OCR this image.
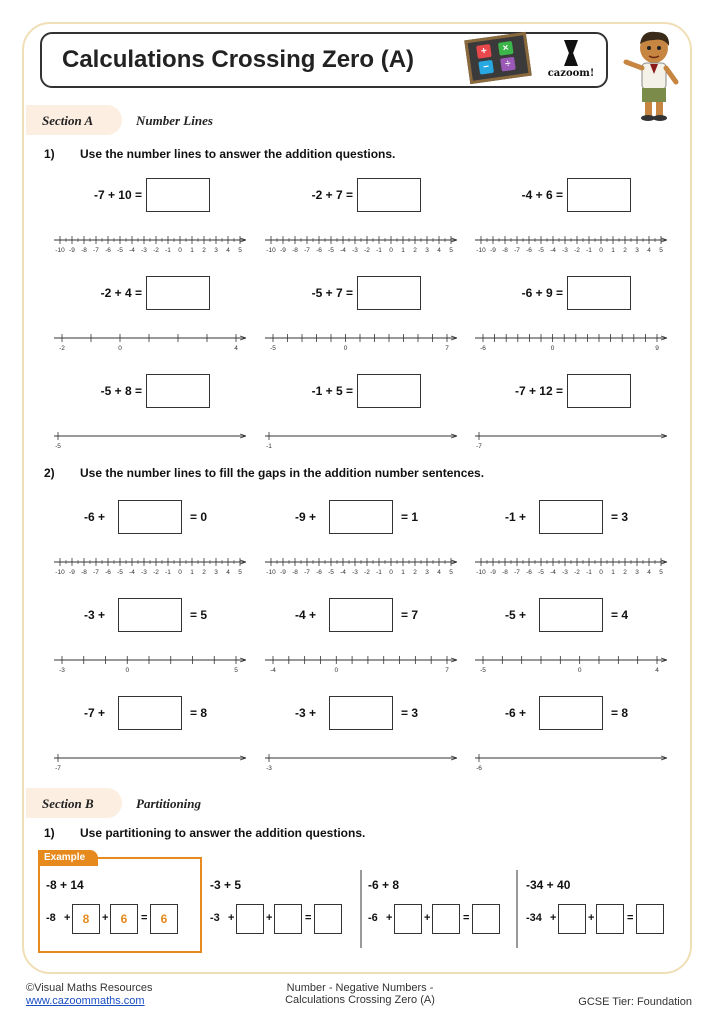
Calculations Crossing Zero (A)	+	×
−	÷
cazoom!
Section A	Number Lines
1) Use the number lines to answer the addition questions.
-7 + 10 =
-10 -9 -8 -7 -6 -5 -4 -3 -2 -1 0 1 2 3 4 5
-2 + 7 =
-10 -9 -8 -7 -6 -5 -4 -3 -2 -1 0 1 2 3 4 5
-4 + 6 =
-10 -9 -8 -7 -6 -5 -4 -3 -2 -1 0 1 2 3 4 5
-2 + 4 =
-2	0	4
-5 + 7 =
-5	0	7
-6 + 9 =
-6	0	9
-5 + 8 =
-5
-1 + 5 =
-1
-7 + 12 =
-7
2) Use the number lines to fill the gaps in the addition number sentences.
-6 +	= 0
-10 -9 -8 -7 -6 -5 -4 -3 -2 -1 0 1 2 3 4 5
-9 +	= 1
-10 -9 -8 -7 -6 -5 -4 -3 -2 -1 0 1 2 3 4 5
-1 +	= 3
-10 -9 -8 -7 -6 -5 -4 -3 -2 -1 0 1 2 3 4 5
-3 +	= 5
-3	0	5
-4 +	= 7
-4	0	7
-5 +	= 4
-5	0	4
-7 +	= 8
-7
-3 +	= 3
-3
-6 +	= 8
-6
Section B	Partitioning
1) Use partitioning to answer the addition questions.
Example
-8 + 14
-8 +	8	+	6	=	6
-3 + 5
-3 +	+	=
-6 + 8
-6 +	+	=
-34 + 40
-34 +	+	=
©Visual Maths Resources
www.cazoommaths.com
Number - Negative Numbers -
Calculations Crossing Zero (A)	GCSE Tier: Foundation
